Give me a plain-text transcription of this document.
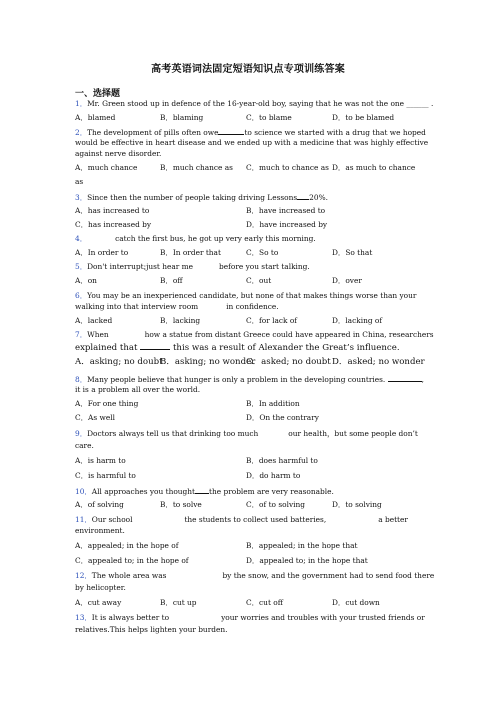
高考英语词法固定短语知识点专项训练答案
一、选择题
1．Mr. Green stood up in defence of the 16-year-old boy, saying that he was not the one ______ .
A．blamed	B．blaming	C．to blame	D．to be blamed
2．The development of pills often owe	to science we started with a drug that we hoped
would be effective in heart disease and we ended up with a medicine that was highly effective
against nerve disorder.
A．much chance	B．much chance as C．much to chance as D．as much to chance
as
3．Since then the number of people taking driving Lessons 20%.
A．has increased to	B．have increased to
C．has increased by	D．have increased by
4．	catch the first bus, he got up very early this morning.
A．In order to	B．In order that	C．So to	D．So that
5．Don't interrupt;just hear me	before you start talking.
A．on	B．off	C．out	D．over
6．You may be an inexperienced candidate, but none of that makes things worse than your
walking into that interview room	in confidence.
A．lacked	B．lacking	C．for lack of	D．lacking of
7．When	how a statue from distant Greece could have appeared in China, researchers
explained that	this was a result of Alexander the Great’s influence.
A．asking; no doubt
B．asking; no wonder
C．asked; no doubt D．asked; no wonder
8．Many people believe that hunger is only a problem in the developing countries.	,
it is a problem all over the world.
A．For one thing	B．In addition
C．As well	D．On the contrary
9．Doctors always tell us that drinking too much	our health，but some people don’t
care.
A．is harm to	B．does harmful to
C．is harmful to	D．do harm to
10．All approaches you thought the problem are very reasonable.
A．of solving	B．to solve	C．of to solving	D．to solving
11．Our school	the students to collect used batteries,	a better
environment.
A．appealed; in the hope of	B．appealed; in the hope that
C．appealed to; in the hope of	D．appealed to; in the hope that
12．The whole area was	by the snow, and the government had to send food there
by helicopter.
A．cut away	B．cut up	C．cut off	D．cut down
13．It is always better to	your worries and troubles with your trusted friends or
relatives.This helps lighten your burden.
